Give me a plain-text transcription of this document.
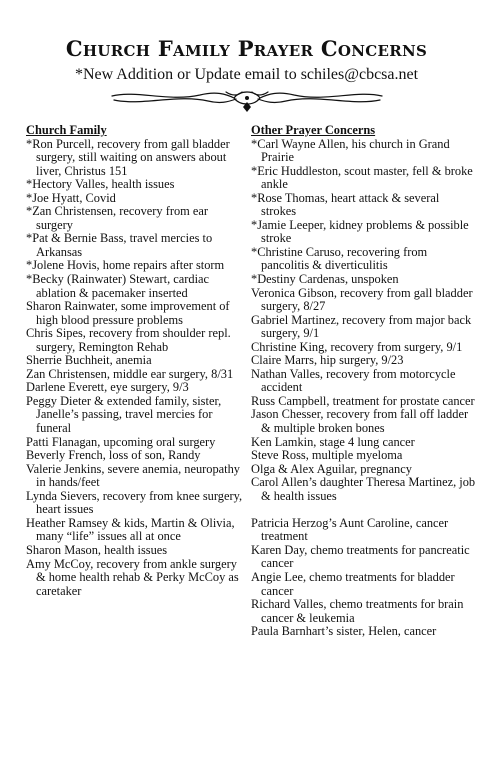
Church Family Prayer Concerns
*New Addition or Update email to schiles@cbcsa.net
Church Family
*Ron Purcell, recovery from gall bladder surgery, still waiting on answers about liver, Christus 151
*Hectory Valles, health issues
*Joe Hyatt, Covid
*Zan Christensen, recovery from ear surgery
*Pat & Bernie Bass, travel mercies to Arkansas
*Jolene Hovis, home repairs after storm
*Becky (Rainwater) Stewart, cardiac ablation & pacemaker inserted
Sharon Rainwater, some improvement of high blood pressure problems
Chris Sipes, recovery from shoulder repl. surgery, Remington Rehab
Sherrie Buchheit, anemia
Zan Christensen, middle ear surgery, 8/31
Darlene Everett, eye surgery, 9/3
Peggy Dieter & extended family, sister, Janelle’s passing, travel mercies for funeral
Patti Flanagan, upcoming oral surgery
Beverly French, loss of son, Randy
Valerie Jenkins, severe anemia, neuropathy in hands/feet
Lynda Sievers, recovery from knee surgery, heart issues
Heather Ramsey & kids, Martin & Olivia, many “life” issues all at once
Sharon Mason, health issues
Amy McCoy, recovery from ankle surgery & home health rehab & Perky McCoy as caretaker
Other Prayer Concerns
*Carl Wayne Allen, his church in Grand Prairie
*Eric Huddleston, scout master, fell & broke ankle
*Rose Thomas, heart attack & several strokes
*Jamie Leeper, kidney problems & possible stroke
*Christine Caruso, recovering from pancolitis & diverticulitis
*Destiny Cardenas, unspoken
Veronica Gibson, recovery from gall bladder surgery, 8/27
Gabriel Martinez, recovery from major back surgery, 9/1
Christine King, recovery from surgery, 9/1
Claire Marrs, hip surgery, 9/23
Nathan Valles, recovery from motorcycle accident
Russ Campbell, treatment for prostate cancer
Jason Chesser, recovery from fall off ladder & multiple broken bones
Ken Lamkin, stage 4 lung cancer
Steve Ross, multiple myeloma
Olga & Alex Aguilar, pregnancy
Carol Allen’s daughter Theresa Martinez, job & health issues
Patricia Herzog’s Aunt Caroline, cancer treatment
Karen Day, chemo treatments for pancreatic cancer
Angie Lee, chemo treatments for bladder cancer
Richard Valles, chemo treatments for brain cancer & leukemia
Paula Barnhart’s sister, Helen, cancer
